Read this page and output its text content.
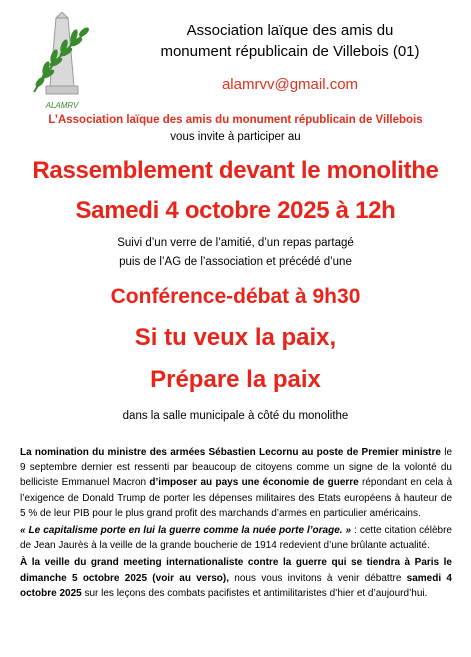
ALAMRV
Association laïque des amis du
monument républicain de Villebois (01)
alamrvv@gmail.com
L’Association laïque des amis du monument républicain de Villebois
vous invite à participer au
Rassemblement devant le monolithe
Samedi 4 octobre 2025 à 12h
Suivi d’un verre de l’amitié, d’un repas partagé
puis de l’AG de l’association et précédé d’une
Conférence-débat à 9h30
Si tu veux la paix,
Prépare la paix
dans la salle municipale à côté du monolithe

La nomination du ministre des armées Sébastien Lecornu au poste de Premier ministre le 9 septembre dernier est ressenti par beaucoup de citoyens comme un signe de la volonté du belliciste Emmanuel Macron d’imposer au pays une économie de guerre répondant en cela à l’exigence de Donald Trump de porter les dépenses militaires des Etats européens à hauteur de 5 % de leur PIB pour le plus grand profit des marchands d’armes en particulier américains.

« Le capitalisme porte en lui la guerre comme la nuée porte l’orage. » : cette citation célèbre de Jean Jaurès à la veille de la grande boucherie de 1914 redevient d’une brûlante actualité.

À la veille du grand meeting internationaliste contre la guerre qui se tiendra à Paris le dimanche 5 octobre 2025 (voir au verso), nous vous invitons à venir débattre samedi 4 octobre 2025 sur les leçons des combats pacifistes et antimilitaristes d’hier et d’aujourd’hui.
